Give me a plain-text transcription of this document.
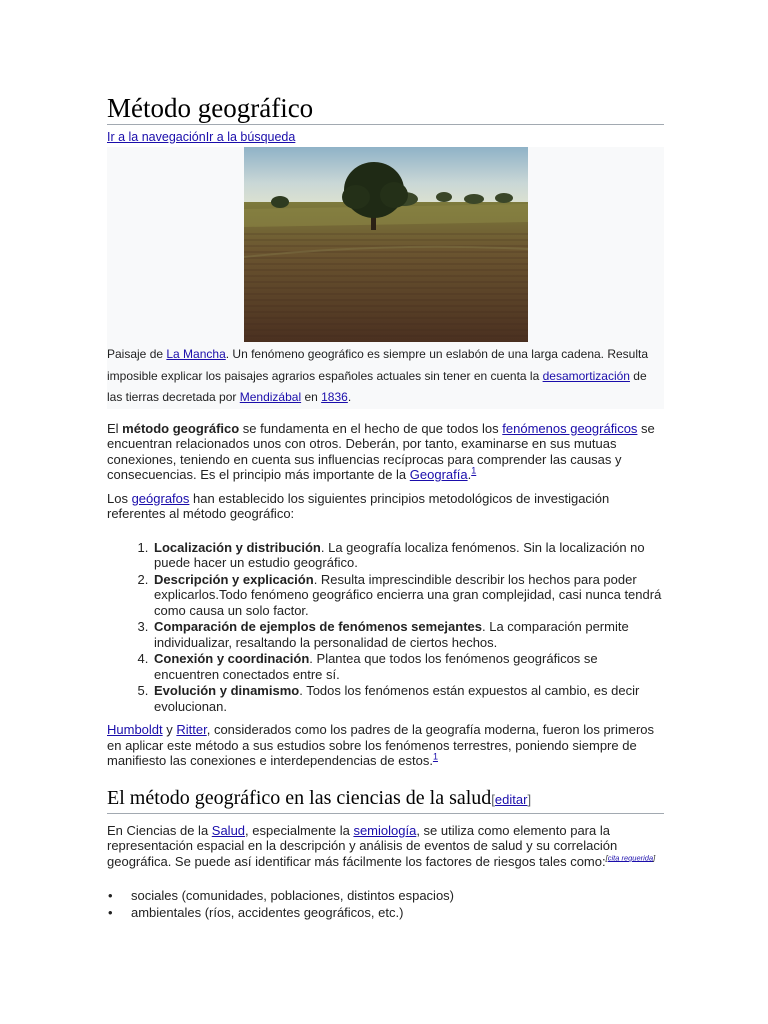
Método geográfico
Ir a la navegaciónIr a la búsqueda
Paisaje de La Mancha. Un fenómeno geográfico es siempre un eslabón de una larga cadena. Resulta imposible explicar los paisajes agrarios españoles actuales sin tener en cuenta la desamortización de las tierras decretada por Mendizábal en 1836.

El método geográfico se fundamenta en el hecho de que todos los fenómenos geográficos se encuentran relacionados unos con otros. Deberán, por tanto, examinarse en sus mutuas conexiones, teniendo en cuenta sus influencias recíprocas para comprender las causas y consecuencias. Es el principio más importante de la Geografía.$^1$

Los geógrafos han establecido los siguientes principios metodológicos de investigación referentes al método geográfico:

1. Localización y distribución. La geografía localiza fenómenos. Sin la localización no puede hacer un estudio geográfico.
2. Descripción y explicación. Resulta imprescindible describir los hechos para poder explicarlos.Todo fenómeno geográfico encierra una gran complejidad, casi nunca tendrá como causa un solo factor.
3. Comparación de ejemplos de fenómenos semejantes. La comparación permite individualizar, resaltando la personalidad de ciertos hechos.
4. Conexión y coordinación. Plantea que todos los fenómenos geográficos se encuentren conectados entre sí.
5. Evolución y dinamismo. Todos los fenómenos están expuestos al cambio, es decir evolucionan.

Humboldt y Ritter, considerados como los padres de la geografía moderna, fueron los primeros en aplicar este método a sus estudios sobre los fenómenos terrestres, poniendo siempre de manifiesto las conexiones e interdependencias de estos.$^1$

El método geográfico en las ciencias de la salud[editar]

En Ciencias de la Salud, especialmente la semiología, se utiliza como elemento para la representación espacial en la descripción y análisis de eventos de salud y su correlación geográfica. Se puede así identificar más fácilmente los factores de riesgos tales como:[cita requerida]

• sociales (comunidades, poblaciones, distintos espacios)
• ambientales (ríos, accidentes geográficos, etc.)
